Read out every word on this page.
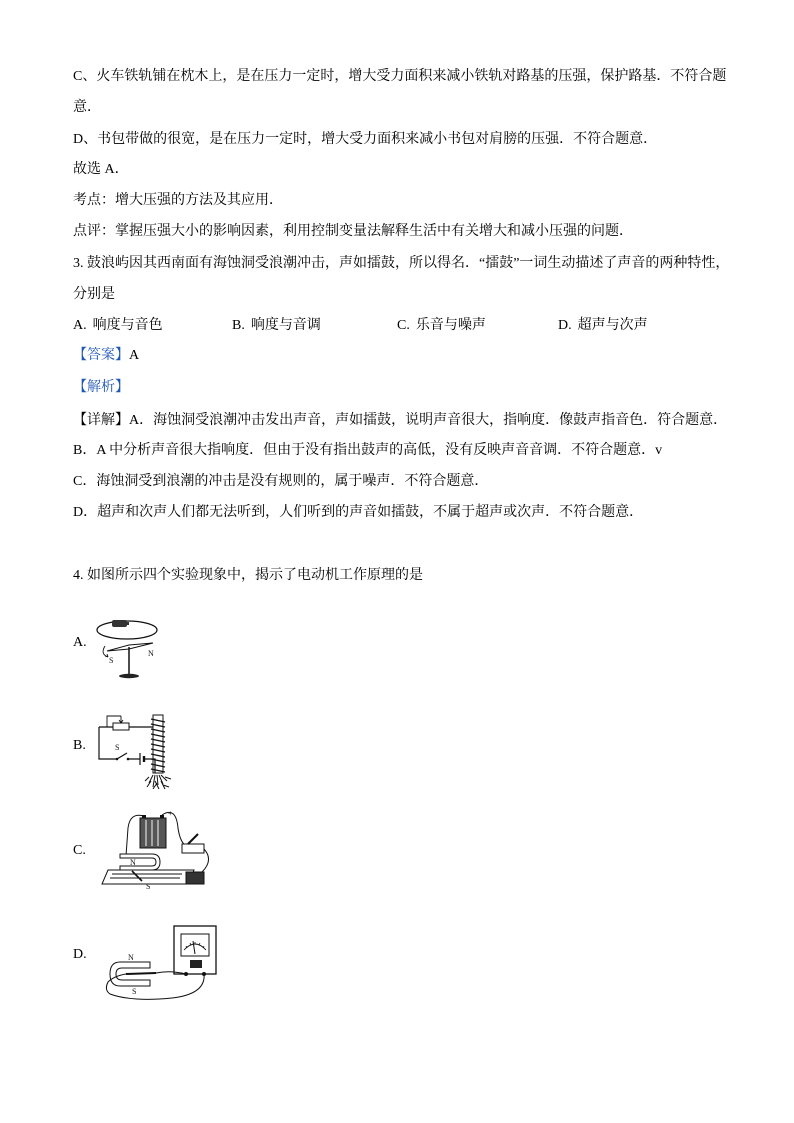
C、火车铁轨铺在枕木上，是在压力一定时，增大受力面积来减小铁轨对路基的压强，保护路基．不符合题
意．
D、书包带做的很宽，是在压力一定时，增大受力面积来减小书包对肩膀的压强．不符合题意．
故选 A．
考点：增大压强的方法及其应用．
点评：掌握压强大小的影响因素，利用控制变量法解释生活中有关增大和减小压强的问题．
3. 鼓浪屿因其西南面有海蚀洞受浪潮冲击，声如擂鼓，所以得名．“擂鼓”一词生动描述了声音的两种特性，
分别是
A. 响度与音色	B. 响度与音调	C. 乐音与噪声	D. 超声与次声
【答案】A
【解析】
【详解】A．海蚀洞受浪潮冲击发出声音，声如擂鼓，说明声音很大，指响度．像鼓声指音色．符合题意．
B．A 中分析声音很大指响度．但由于没有指出鼓声的高低，没有反映声音音调．不符合题意．v
C．海蚀洞受到浪潮的冲击是没有规则的，属于噪声．不符合题意．
D．超声和次声人们都无法听到，人们听到的声音如擂鼓，不属于超声或次声．不符合题意．
4. 如图所示四个实验现象中，揭示了电动机工作原理的是
A.
B.
C.
D.
S
N
S
+
N
S
N
S
